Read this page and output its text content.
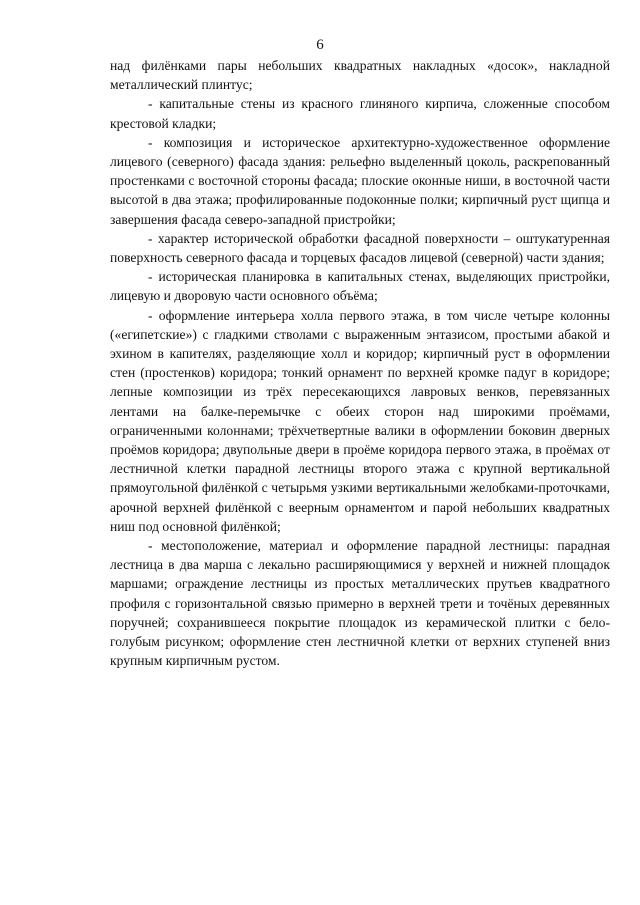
6

над филёнками пары небольших квадратных накладных «досок», накладной металлический плинтус;

- капитальные стены из красного глиняного кирпича, сложенные способом крестовой кладки;

- композиция и историческое архитектурно-художественное оформление лицевого (северного) фасада здания: рельефно выделенный цоколь, раскрепованный простенками с восточной стороны фасада; плоские оконные ниши, в восточной части высотой в два этажа; профилированные подоконные полки; кирпичный руст щипца и завершения фасада северо-западной пристройки;

- характер исторической обработки фасадной поверхности – оштукатуренная поверхность северного фасада и торцевых фасадов лицевой (северной) части здания;

- историческая планировка в капитальных стенах, выделяющих пристройки, лицевую и дворовую части основного объёма;

- оформление интерьера холла первого этажа, в том числе четыре колонны («египетские») с гладкими стволами с выраженным энтазисом, простыми абакой и эхином в капителях, разделяющие холл и коридор; кирпичный руст в оформлении стен (простенков) коридора; тонкий орнамент по верхней кромке падуг в коридоре; лепные композиции из трёх пересекающихся лавровых венков, перевязанных лентами на балке-перемычке с обеих сторон над широкими проёмами, ограниченными колоннами; трёхчетвертные валики в оформлении боковин дверных проёмов коридора; двупольные двери в проёме коридора первого этажа, в проёмах от лестничной клетки парадной лестницы второго этажа с крупной вертикальной прямоугольной филёнкой с четырьмя узкими вертикальными желобками-проточками, арочной верхней филёнкой с веерным орнаментом и парой небольших квадратных ниш под основной филёнкой;

- местоположение, материал и оформление парадной лестницы: парадная лестница в два марша с лекально расширяющимися у верхней и нижней площадок маршами; ограждение лестницы из простых металлических прутьев квадратного профиля с горизонтальной связью примерно в верхней трети и точёных деревянных поручней; сохранившееся покрытие площадок из керамической плитки с бело-голубым рисунком; оформление стен лестничной клетки от верхних ступеней вниз крупным кирпичным рустом.
